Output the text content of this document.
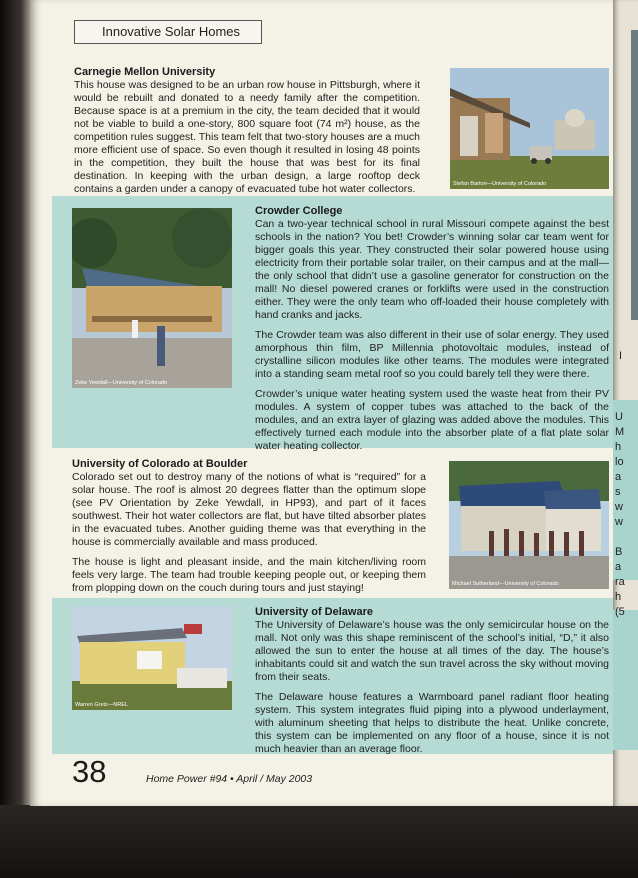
Innovative Solar Homes
Carnegie Mellon University

This house was designed to be an urban row house in Pittsburgh, where it would be rebuilt and donated to a needy family after the competition. Because space is at a premium in the city, the team decided that it would not be viable to build a one-story, 800 square foot (74 m²) house, as the competition rules suggest. This team felt that two-story houses are a much more efficient use of space. So even though it resulted in losing 48 points in the competition, they built the house that was best for its final destination. In keeping with the urban design, a large rooftop deck contains a garden under a canopy of evacuated tube hot water collectors.	Stefan Barton—University of Colorado
Zeke Yewdall—University of Colorado
Crowder College

Can a two-year technical school in rural Missouri compete against the best schools in the nation? You bet! Crowder’s winning solar car team went for bigger goals this year. They constructed their solar powered house using electricity from their portable solar trailer, on their campus and at the mall—the only school that didn’t use a gasoline generator for construction on the mall! No diesel powered cranes or forklifts were used in the construction either. They were the only team who off-loaded their house completely with hand cranks and jacks.

The Crowder team was also different in their use of solar energy. They used amorphous thin film, BP Millennia photovoltaic modules, instead of crystalline silicon modules like other teams. The modules were integrated into a standing seam metal roof so you could barely tell they were there.

Crowder’s unique water heating system used the waste heat from their PV modules. A system of copper tubes was attached to the back of the modules, and an extra layer of glazing was added above the modules. This effectively turned each module into the absorber plate of a flat plate solar water heating collector.

University of Colorado at Boulder

Colorado set out to destroy many of the notions of what is “required” for a solar house. The roof is almost 20 degrees flatter than the optimum slope (see PV Orientation by Zeke Yewdall, in HP93), and part of it faces southwest. Their hot water collectors are flat, but have tilted absorber plates in the evacuated tubes. Another guiding theme was that everything in the house is commercially available and mass produced.

The house is light and pleasant inside, and the main kitchen/living room feels very large. The team had trouble keeping people out, or keeping them from plopping down on the couch during tours and just staying!	Michael Sutherland—University of Colorado
Warren Gretz—NREL
University of Delaware

The University of Delaware’s house was the only semicircular house on the mall. Not only was this shape reminiscent of the school’s initial, “D,” it also allowed the sun to enter the house at all times of the day. The house’s inhabitants could sit and watch the sun travel across the sky without moving from their seats.

The Delaware house features a Warmboard panel radiant floor heating system. This system integrates fluid piping into a plywood underlayment, with aluminum sheeting that helps to distribute the heat. Unlike concrete, this system can be implemented on any floor of a house, since it is not much heavier than an average floor.

38	Home Power #94 • April / May 2003
I
U
M
h
lo
a
s
w
w

B
a
ra
h
(5
